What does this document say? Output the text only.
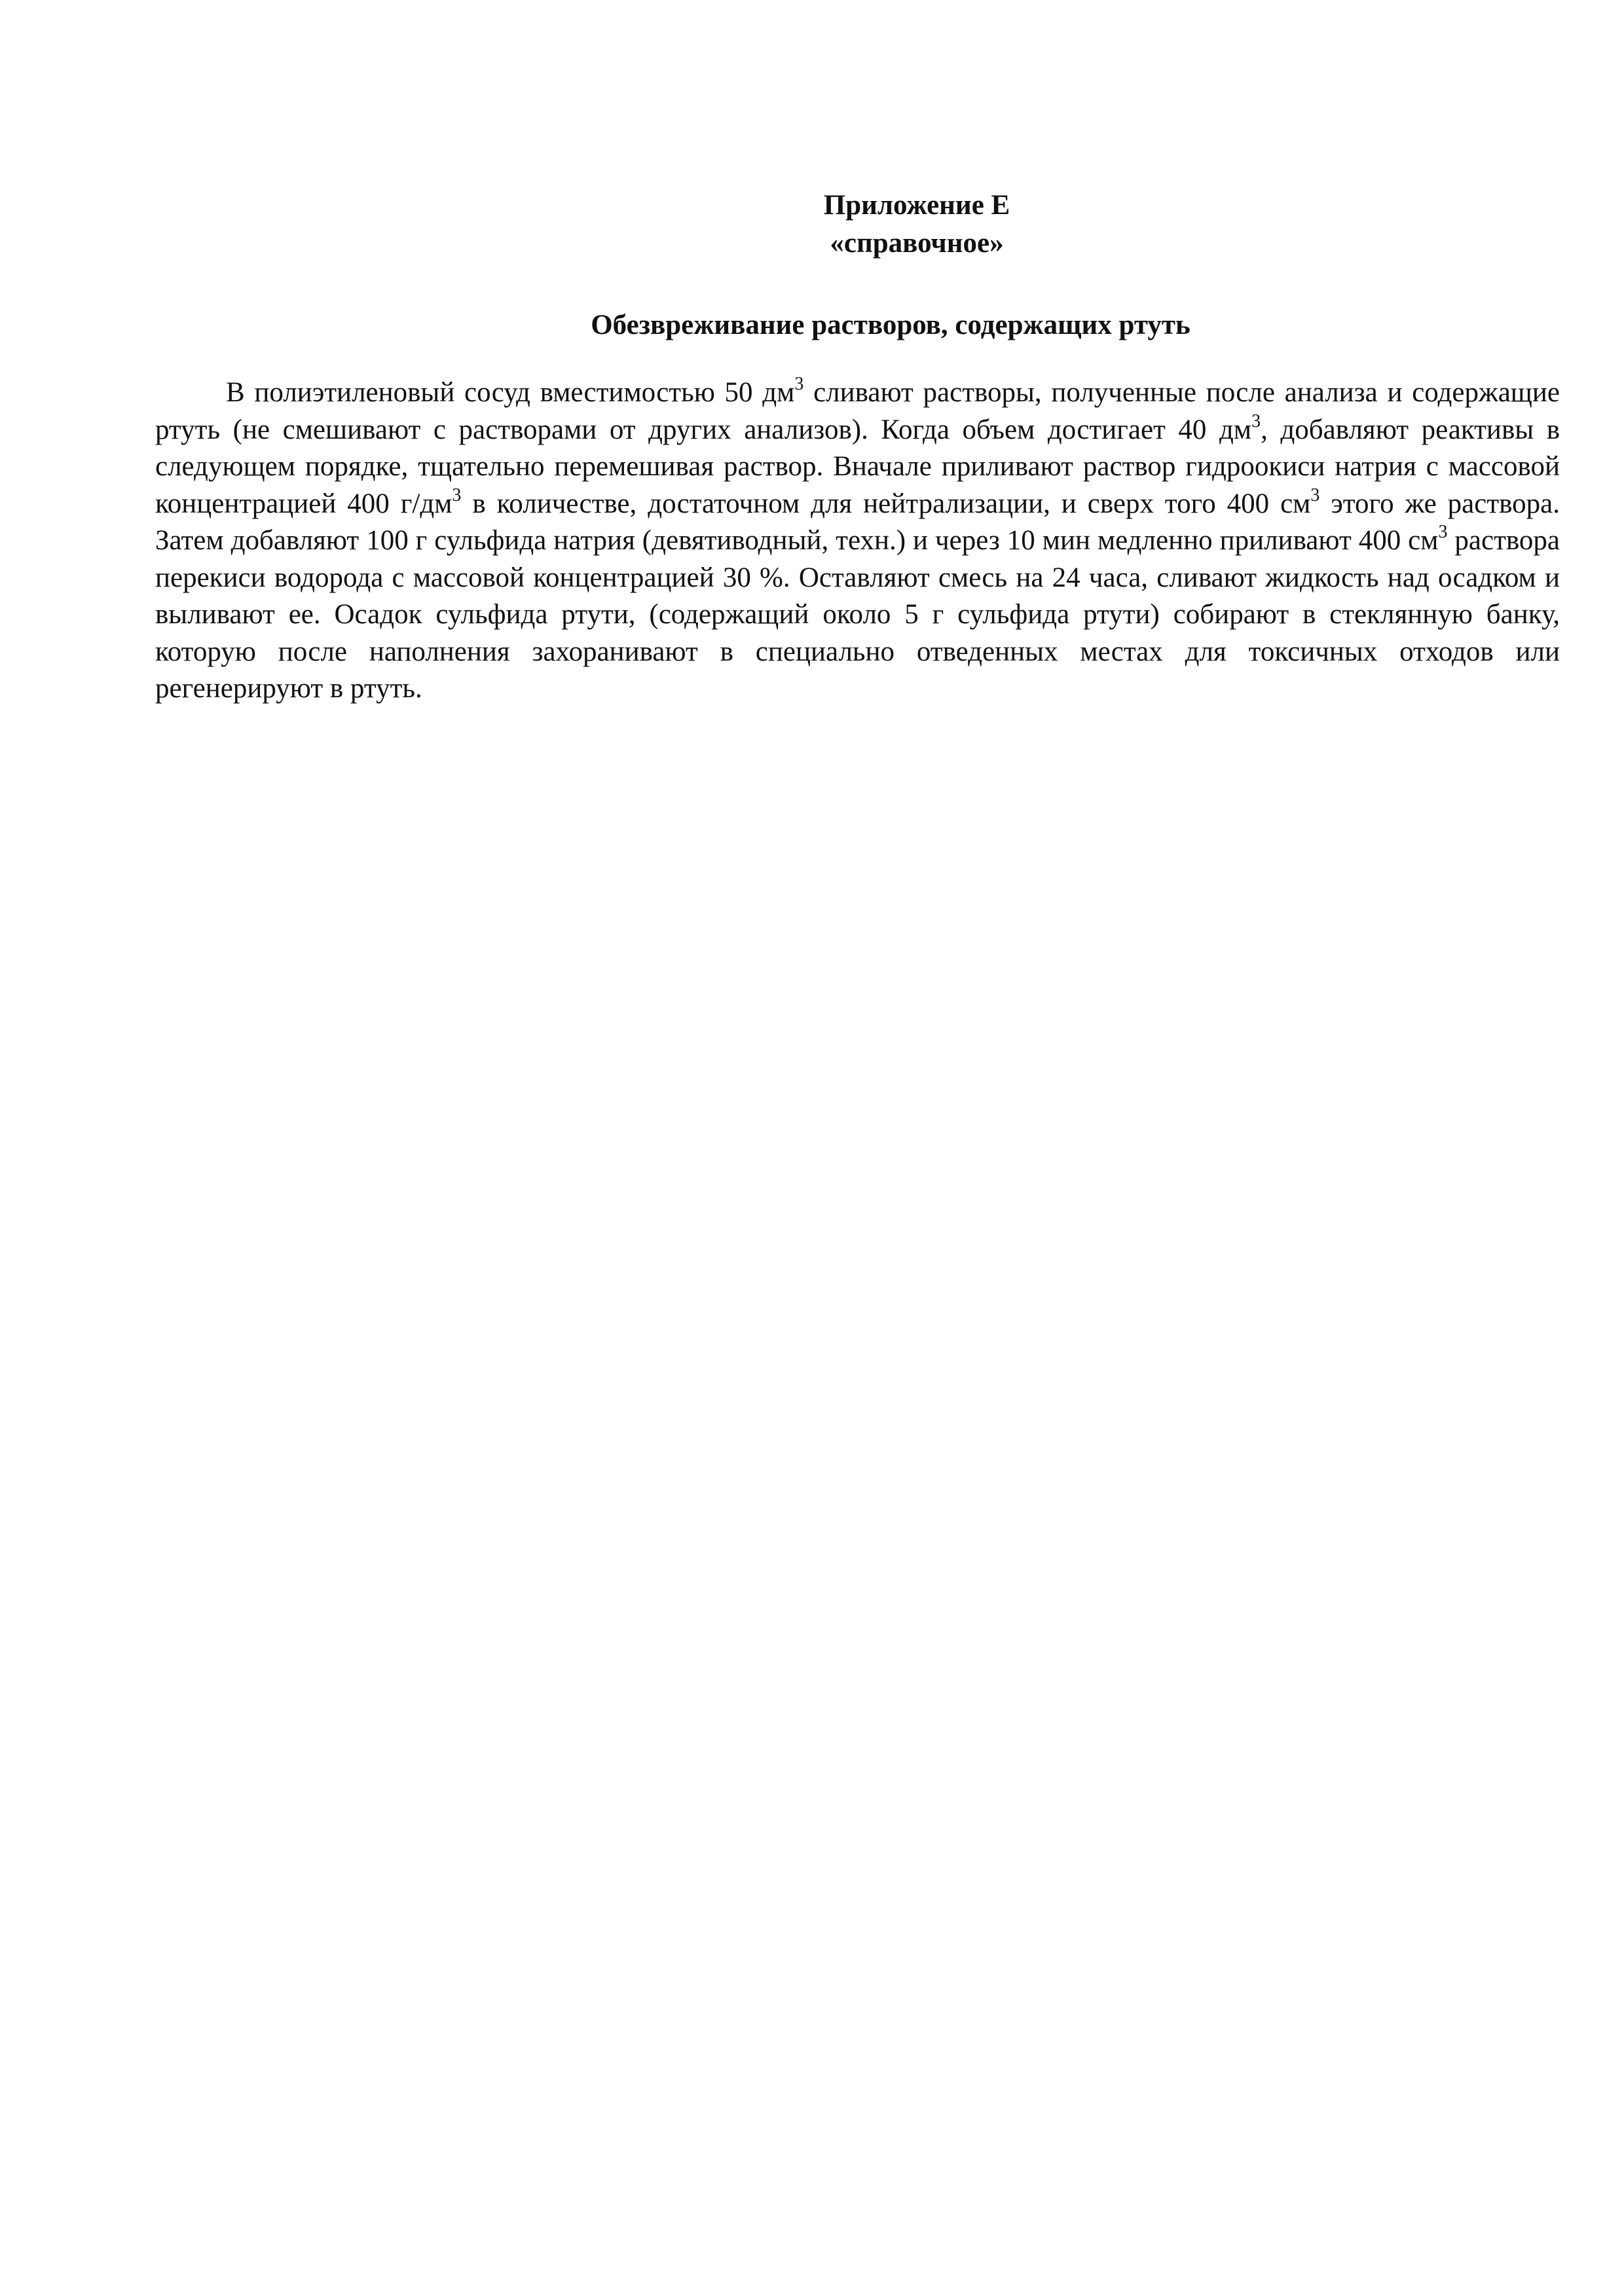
Приложение Е
«справочное»
Обезвреживание растворов, содержащих ртуть

В полиэтиленовый сосуд вместимостью 50 $дм^3$ сливают растворы, полученные после анализа и содержащие ртуть (не смешивают с растворами от других анализов). Когда объем достигает 40 $дм^3$, добавляют реактивы в следующем порядке, тщательно перемешивая раствор. Вначале приливают раствор гидроокиси натрия с массовой концентрацией 400 $г/дм^3$ в количестве, достаточном для нейтрализации, и сверх того 400 $см^3$ этого же раствора. Затем добавляют 100 г сульфида натрия (девятиводный, техн.) и через 10 мин медленно приливают 400 $см^3$ раствора перекиси водорода с массовой концентрацией 30 %. Оставляют смесь на 24 часа, сливают жидкость над осадком и выливают ее. Осадок сульфида ртути, (содержащий около 5 г сульфида ртути) собирают в стеклянную банку, которую после наполнения захоранивают в специально отведенных местах для токсичных отходов или регенерируют в ртуть.
